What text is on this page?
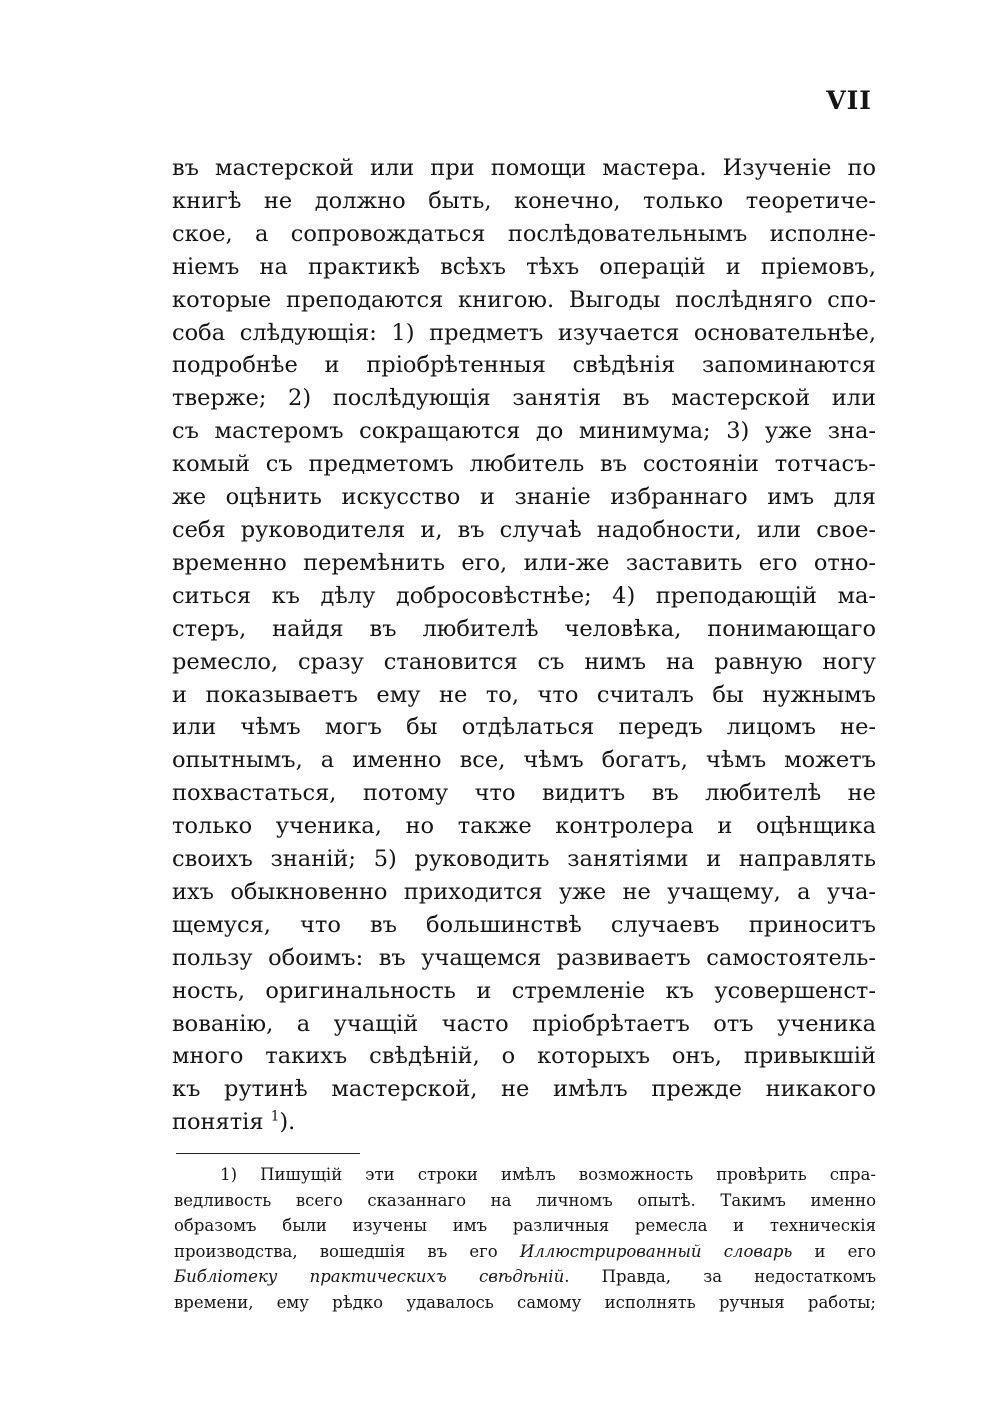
VII
въ мастерской или при помощи мастера. Изученіе по
книгѣ не должно быть, конечно, только теоретиче-
ское, а сопровождаться послѣдовательнымъ исполне-
ніемъ на практикѣ всѣхъ тѣхъ операцій и пріемовъ,
которые преподаются книгою. Выгоды послѣдняго спо-
соба слѣдующія: 1) предметъ изучается основательнѣе,
подробнѣе и пріобрѣтенныя свѣдѣнія запоминаются
тверже; 2) послѣдующія занятія въ мастерской или
съ мастеромъ сокращаются до минимума; 3) уже зна-
комый съ предметомъ любитель въ состояніи тотчасъ-
же оцѣнить искусство и знаніе избраннаго имъ для
себя руководителя и, въ случаѣ надобности, или свое-
временно перемѣнить его, или-же заставить его отно-
ситься къ дѣлу добросовѣстнѣе; 4) преподающій ма-
стеръ, найдя въ любителѣ человѣка, понимающаго
ремесло, сразу становится съ нимъ на равную ногу
и показываетъ ему не то, что считалъ бы нужнымъ
или чѣмъ могъ бы отдѣлаться передъ лицомъ не-
опытнымъ, а именно все, чѣмъ богатъ, чѣмъ можетъ
похвастаться, потому что видитъ въ любителѣ не
только ученика, но также контролера и оцѣнщика
своихъ знаній; 5) руководить занятіями и направлять
ихъ обыкновенно приходится уже не учащему, а уча-
щемуся, что въ большинствѣ случаевъ приноситъ
пользу обоимъ: въ учащемся развиваетъ самостоятель-
ность, оригинальность и стремленіе къ усовершенст-
вованію, а учащій часто пріобрѣтаетъ отъ ученика
много такихъ свѣдѣній, о которыхъ онъ, привыкшій
къ рутинѣ мастерской, не имѣлъ прежде никакого
понятія $^1$).
1) Пишущій эти строки имѣлъ возможность провѣрить спра-
ведливость всего сказаннаго на личномъ опытѣ. Такимъ именно
образомъ были изучены имъ различныя ремесла и техническія
производства, вошедшія въ его Иллюстрированный словарь и его
Библіотеку практическихъ свѣдѣній. Правда, за недостаткомъ
времени, ему рѣдко удавалось самому исполнять ручныя работы;
